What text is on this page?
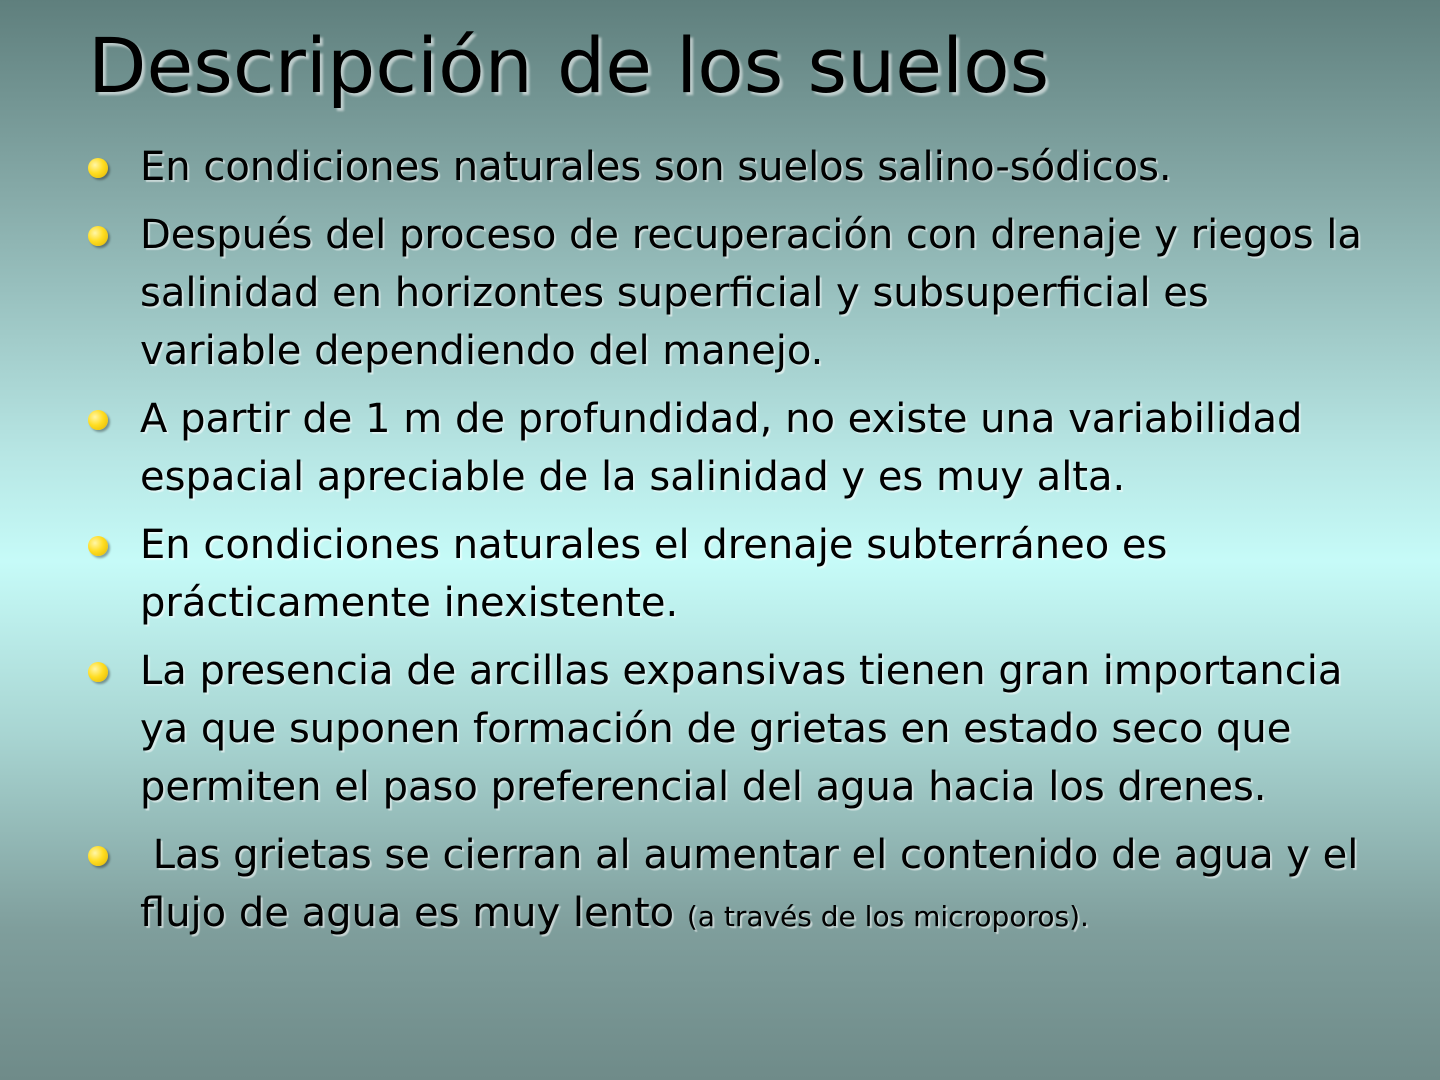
Descripción de los suelos
En condiciones naturales son suelos salino-sódicos.
Después del proceso de recuperación con drenaje y riegos la salinidad en horizontes superficial y subsuperficial es variable dependiendo del manejo.
A partir de 1 m de profundidad, no existe una variabilidad espacial apreciable de la salinidad y es muy alta.
En condiciones naturales el drenaje subterráneo es prácticamente inexistente.
La presencia de arcillas expansivas tienen gran importancia ya que suponen formación de grietas en estado seco que permiten el paso preferencial del agua hacia los drenes.
Las grietas se cierran al aumentar el contenido de agua y el flujo de agua es muy lento (a través de los microporos).
